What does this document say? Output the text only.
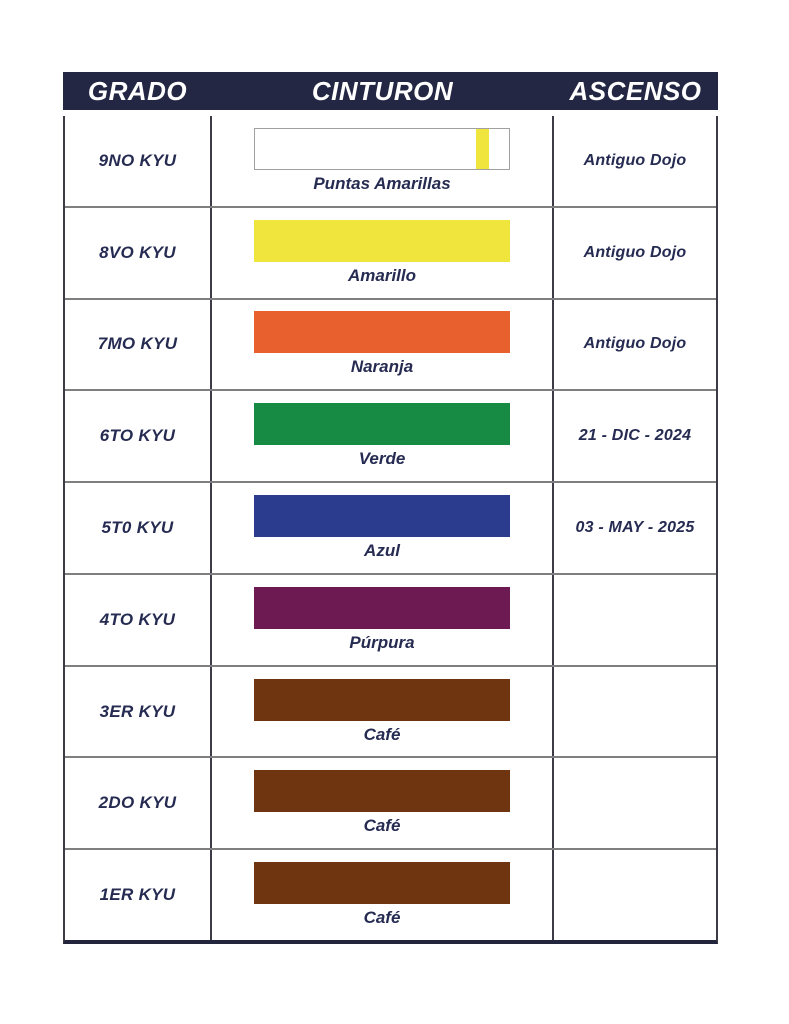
GRADO	CINTURON	ASCENSO
9NO KYU
Puntas Amarillas
Antiguo Dojo
8VO KYU
Amarillo
Antiguo Dojo
7MO KYU
Naranja
Antiguo Dojo
6TO KYU
Verde
21 - DIC - 2024
5T0 KYU
Azul
03 - MAY - 2025
4TO KYU
Púrpura
3ER KYU
Café
2DO KYU
Café
1ER KYU
Café
